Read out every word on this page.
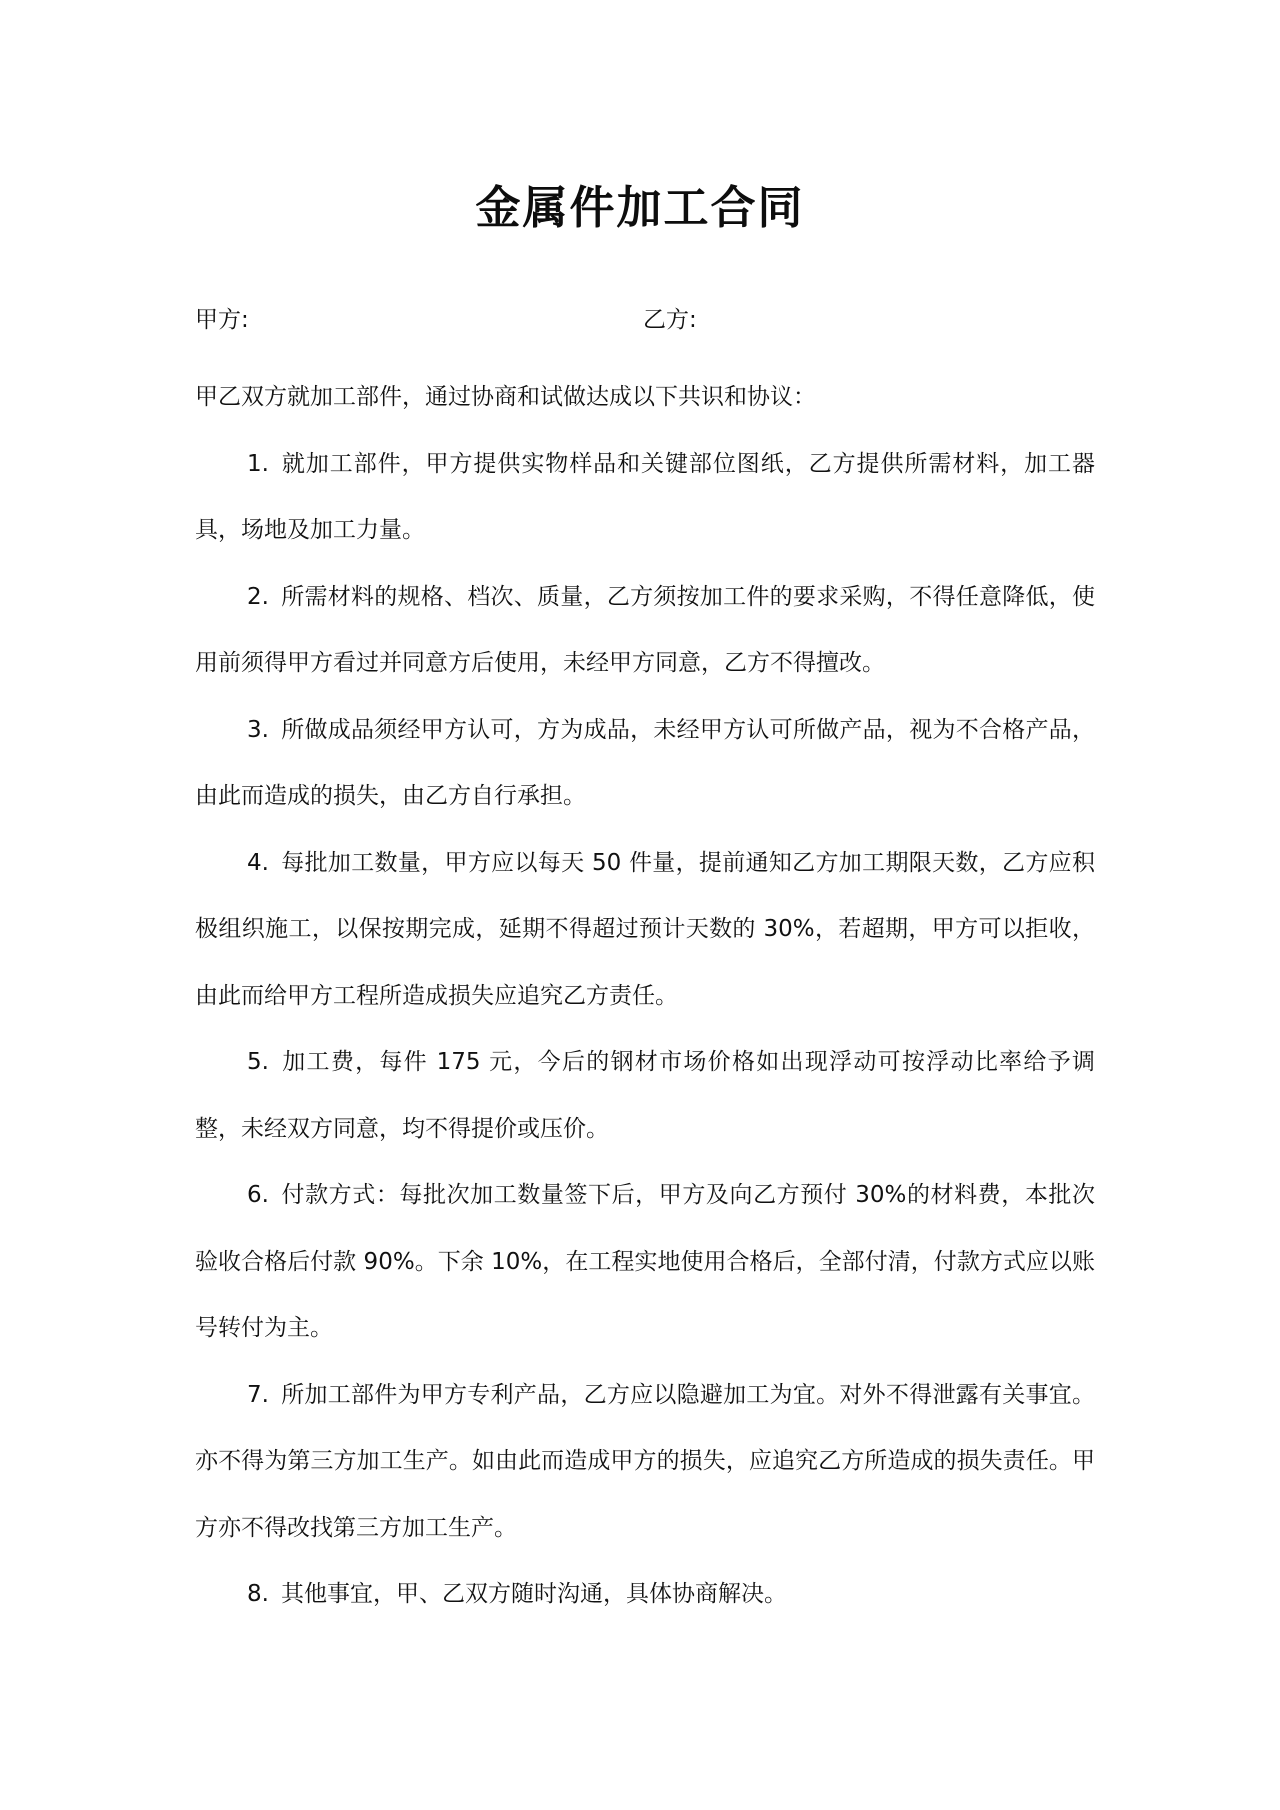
金属件加工合同
甲方:	乙方:

甲乙双方就加工部件，通过协商和试做达成以下共识和协议：

1. 就加工部件，甲方提供实物样品和关键部位图纸，乙方提供所需材料，加工器具，场地及加工力量。

2. 所需材料的规格、档次、质量，乙方须按加工件的要求采购，不得任意降低，使用前须得甲方看过并同意方后使用，未经甲方同意，乙方不得擅改。

3. 所做成品须经甲方认可，方为成品，未经甲方认可所做产品，视为不合格产品，由此而造成的损失，由乙方自行承担。

4. 每批加工数量，甲方应以每天 50 件量，提前通知乙方加工期限天数，乙方应积极组织施工，以保按期完成，延期不得超过预计天数的 30%，若超期，甲方可以拒收，由此而给甲方工程所造成损失应追究乙方责任。

5. 加工费，每件 175 元，今后的钢材市场价格如出现浮动可按浮动比率给予调整，未经双方同意，均不得提价或压价。

6. 付款方式：每批次加工数量签下后，甲方及向乙方预付 30%的材料费，本批次验收合格后付款 90%。下余 10%，在工程实地使用合格后，全部付清，付款方式应以账号转付为主。

7. 所加工部件为甲方专利产品，乙方应以隐避加工为宜。对外不得泄露有关事宜。亦不得为第三方加工生产。如由此而造成甲方的损失，应追究乙方所造成的损失责任。甲方亦不得改找第三方加工生产。

8. 其他事宜，甲、乙双方随时沟通，具体协商解决。
